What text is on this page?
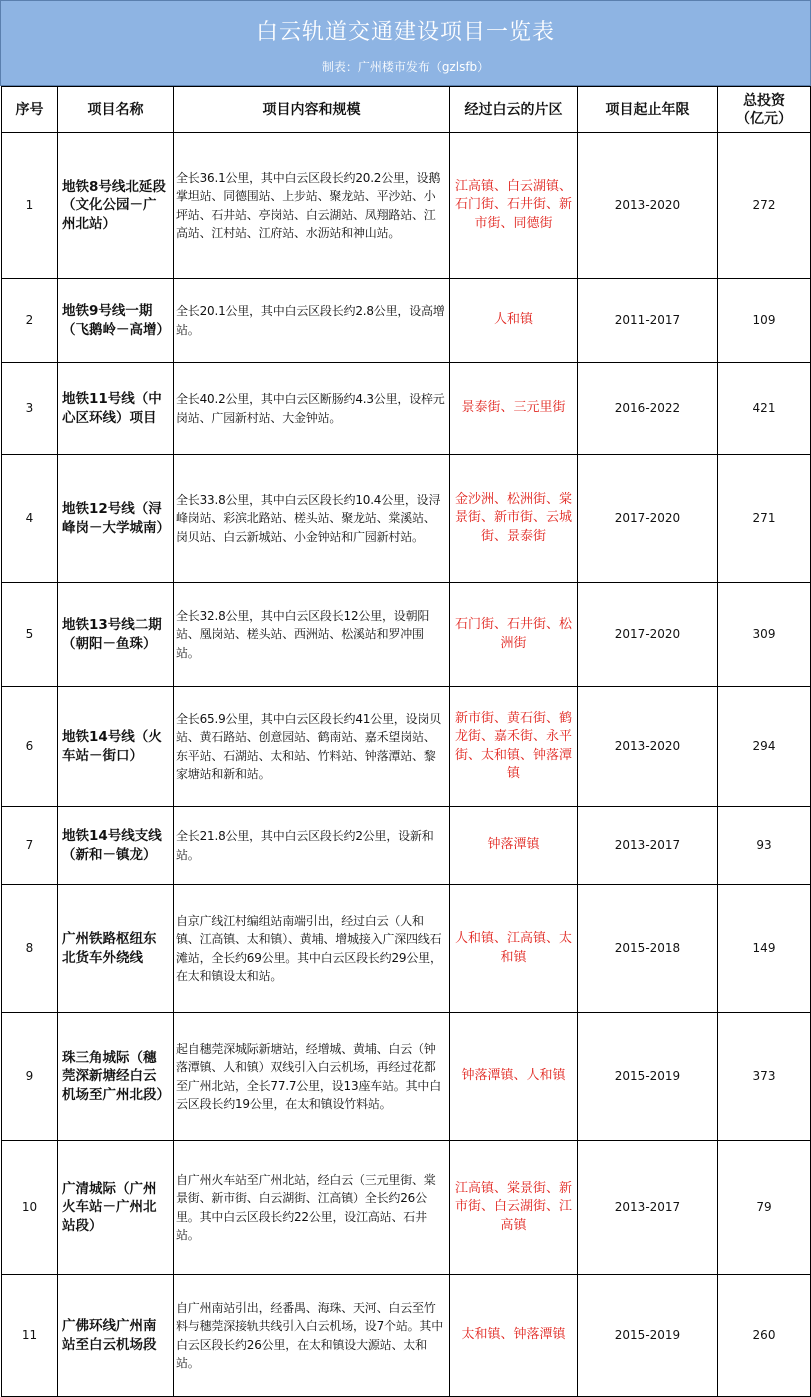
白云轨道交通建设项目一览表
制表：广州楼市发布（gzlsfb）
序号	项目名称	项目内容和规模	经过白云的片区	项目起止年限	总投资
（亿元）
1	地铁8号线北延段（文化公园－广州北站）	全长36.1公里，其中白云区段长约20.2公里，设鹅掌坦站、同德围站、上步站、聚龙站、平沙站、小坪站、石井站、亭岗站、白云湖站、凤翔路站、江高站、江村站、江府站、水沥站和神山站。	江高镇、白云湖镇、石门街、石井街、新市街、同德街	2013-2020	272
2	地铁9号线一期（飞鹅岭－高增）	全长20.1公里，其中白云区段长约2.8公里，设高增站。	人和镇	2011-2017	109
3	地铁11号线（中心区环线）项目	全长40.2公里，其中白云区断肠约4.3公里，设梓元岗站、广园新村站、大金钟站。	景泰街、三元里街	2016-2022	421
4	地铁12号线（浔峰岗－大学城南）	全长33.8公里，其中白云区段长约10.4公里，设浔峰岗站、彩滨北路站、槎头站、聚龙站、棠溪站、岗贝站、白云新城站、小金钟站和广园新村站。	金沙洲、松洲街、棠景街、新市街、云城街、景泰街	2017-2020	271
5	地铁13号线二期（朝阳－鱼珠）	全长32.8公里，其中白云区段长12公里，设朝阳站、凰岗站、槎头站、西洲站、松溪站和罗冲围站。	石门街、石井街、松洲街	2017-2020	309
6	地铁14号线（火车站－街口）	全长65.9公里，其中白云区段长约41公里，设岗贝站、黄石路站、创意园站、鹤南站、嘉禾望岗站、东平站、石湖站、太和站、竹料站、钟落潭站、黎家塘站和新和站。	新市街、黄石街、鹤龙街、嘉禾街、永平街、太和镇、钟落潭镇	2013-2020	294
7	地铁14号线支线（新和－镇龙）	全长21.8公里，其中白云区段长约2公里，设新和站。	钟落潭镇	2013-2017	93
8	广州铁路枢纽东北货车外绕线	自京广线江村编组站南端引出，经过白云（人和镇、江高镇、太和镇）、黄埔、增城接入广深四线石滩站，全长约69公里。其中白云区段长约29公里，在太和镇设太和站。	人和镇、江高镇、太和镇	2015-2018	149
9	珠三角城际（穗莞深新塘经白云机场至广州北段）	起自穗莞深城际新塘站，经增城、黄埔、白云（钟落潭镇、人和镇）双线引入白云机场，再经过花都至广州北站，全长77.7公里，设13座车站。其中白云区段长约19公里，在太和镇设竹料站。	钟落潭镇、人和镇	2015-2019	373
10	广清城际（广州火车站－广州北站段）	自广州火车站至广州北站，经白云（三元里街、棠景街、新市街、白云湖街、江高镇）全长约26公里。其中白云区段长约22公里，设江高站、石井站。	江高镇、棠景街、新市街、白云湖街、江高镇	2013-2017	79
11	广佛环线广州南站至白云机场段	自广州南站引出，经番禺、海珠、天河、白云至竹料与穗莞深接轨共线引入白云机场，设7个站。其中白云区段长约26公里，在太和镇设大源站、太和站。	太和镇、钟落潭镇	2015-2019	260
